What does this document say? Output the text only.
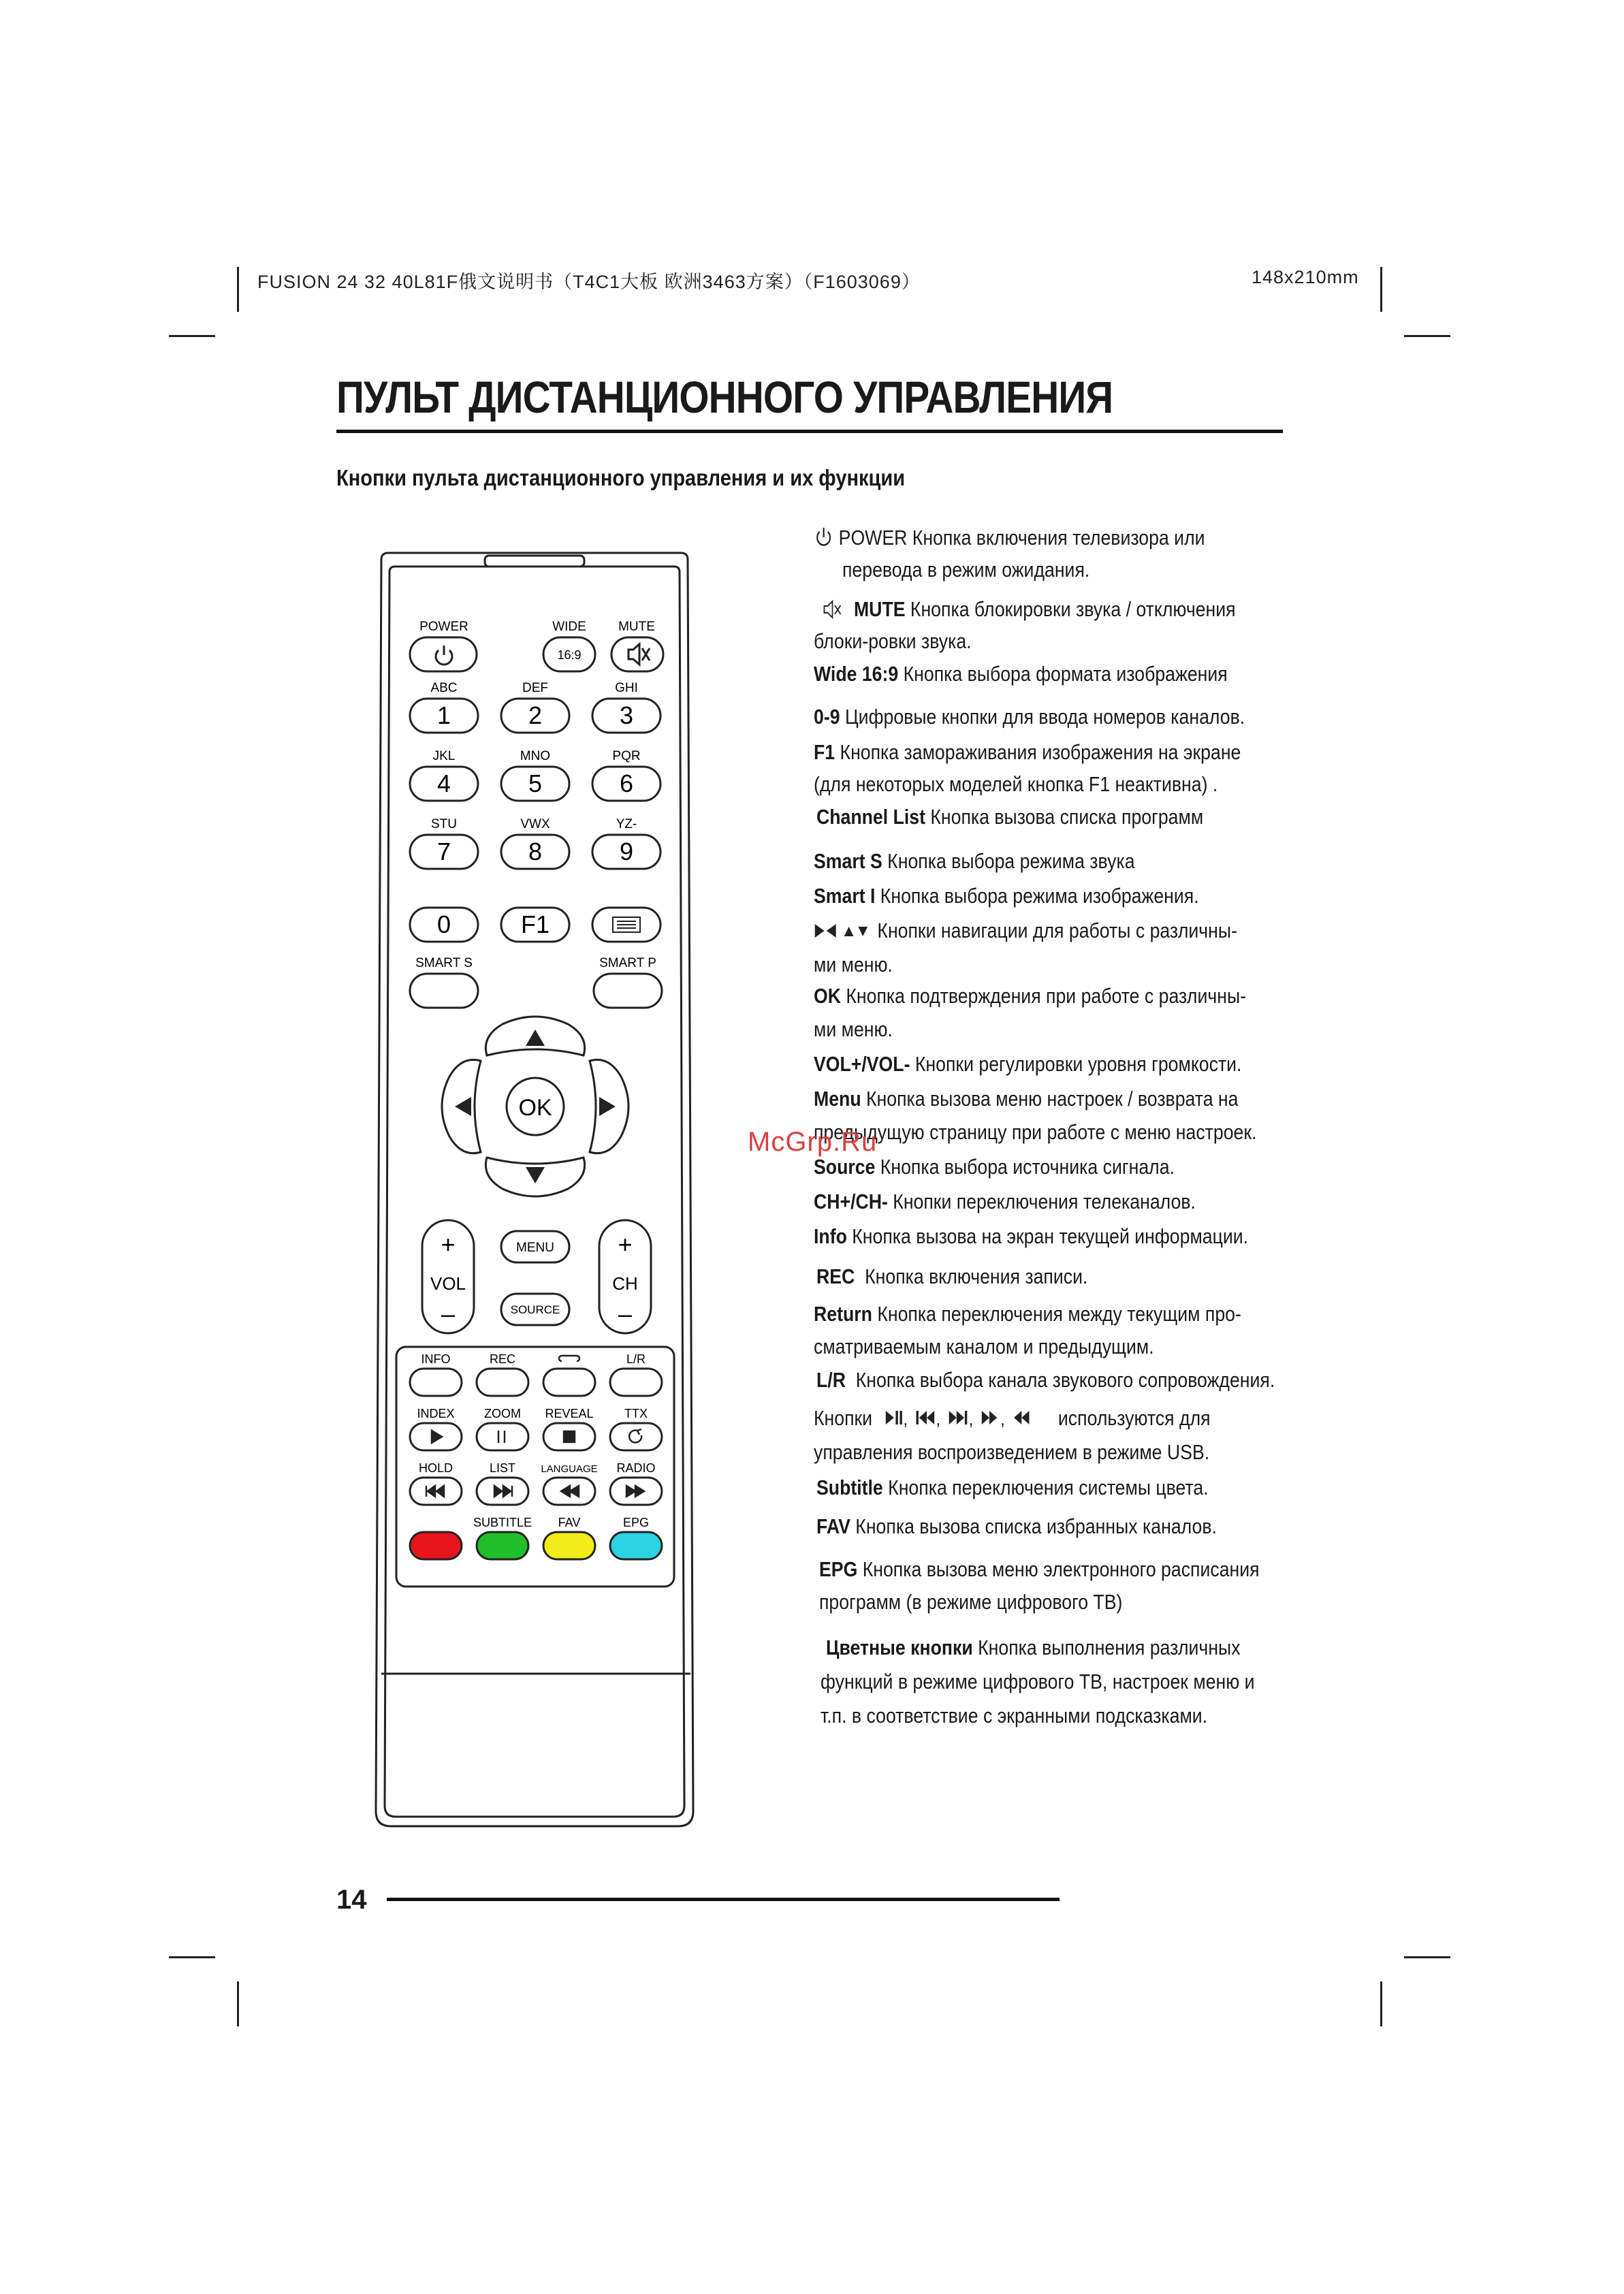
FUSION 24 32 40L81F俄文说明书（T4C1大板 欧洲3463方案）（F1603069）	148x210mm
ПУЛЬТ ДИСТАНЦИОННОГО УПРАВЛЕНИЯ
Кнопки пульта дистанционного управления и их функции
POWER	WIDE MUTE
16:9
ABC
1
DEF
2
GHI
3
JKL
4
MNO
5
PQR
6
STU
7
VWX
8
YZ-
9
0	F1
SMART S	SMART P
OK
+
VOL
–
+
CH
–
MENU
SOURCE
INFO	REC	L/R
INDEX ZOOM REVEAL	TTX
HOLD	LIST LANGUAGE RADIO
SUBTITLE FAV	EPG
POWER Кнопка включения телевизора или
перевода в режим ожидания.
MUTE Кнопка блокировки звука / отключения
блоки-ровки звука.
Wide 16:9 Кнопка выбора формата изображения
0-9 Цифровые кнопки для ввода номеров каналов.
F1 Кнопка замораживания изображения на экране
(для некоторых моделей кнопка F1 неактивна) .
Channel List Кнопка вызова списка программ
Smart S Кнопка выбора режима звука
Smart I Кнопка выбора режима изображения.
Кнопки навигации для работы с различны-
ми меню.
OK Кнопка подтверждения при работе с различны-
ми меню.
VOL+/VOL- Кнопки регулировки уровня громкости.
Menu Кнопка вызова меню настроек / возврата на
предыдущую страницу при работе с меню настроек.
Source Кнопка выбора источника сигнала.
CH+/CH- Кнопки переключения телеканалов.
Info Кнопка вызова на экран текущей информации.
REC Кнопка включения записи.
Return Кнопка переключения между текущим про-
сматриваемым каналом и предыдущим.
L/R Кнопка выбора канала звукового сопровождения.
Кнопки , , , ,	используются для
управления воспроизведением в режиме USB.
Subtitle Кнопка переключения системы цвета.
FAV Кнопка вызова списка избранных каналов.
EPG Кнопка вызова меню электронного расписания
программ (в режиме цифрового ТВ)
Цветные кнопки Кнопка выполнения различных
функций в режиме цифрового ТВ, настроек меню и
т.п. в соответствие с экранными подсказками.
McGrp.Ru
14
